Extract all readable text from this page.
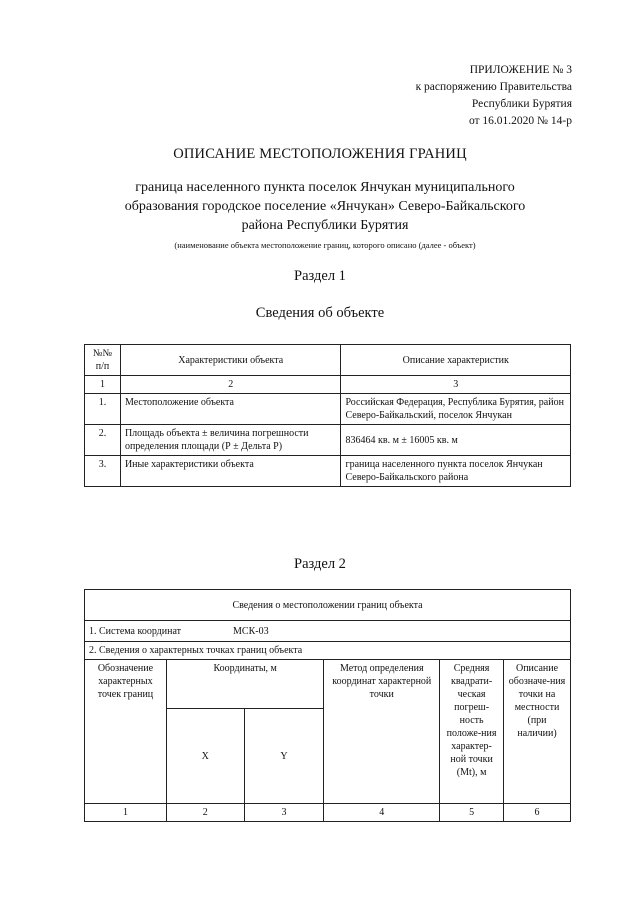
ПРИЛОЖЕНИЕ № 3
к распоряжению Правительства
Республики Бурятия
от 16.01.2020 № 14-р
ОПИСАНИЕ МЕСТОПОЛОЖЕНИЯ ГРАНИЦ
граница населенного пункта поселок Янчукан муниципального
образования городское поселение «Янчукан» Северо-Байкальского
района Республики Бурятия
(наименование объекта местоположение границ, которого описано (далее - объект)
Раздел 1
Сведения об объекте
№№ п/п	Характеристики объекта	Описание характеристик
1	2	3
1.	Местоположение объекта	Российская Федерация, Республика Бурятия, район Северо-Байкальский, поселок Янчукан
2.	Площадь объекта ± величина погрешности определения площади (Р ± Дельта Р)	836464 кв. м ± 16005 кв. м
3.	Иные характеристики объекта	граница населенного пункта поселок Янчукан Северо-Байкальского района
Раздел 2
Сведения о местоположении границ объекта					
1. Система координат МСК-03					
2. Сведения о характерных точках границ объекта					
Обозначение характерных точек границ	Координаты, м		Метод определения координат характерной точки	Средняя квадрати-ческая погреш-ность положе-ния характер-ной точки (Mt), м	Описание обозначе-ния точки на местности (при наличии)
	X	Y			
1	2	3	4	5	6
